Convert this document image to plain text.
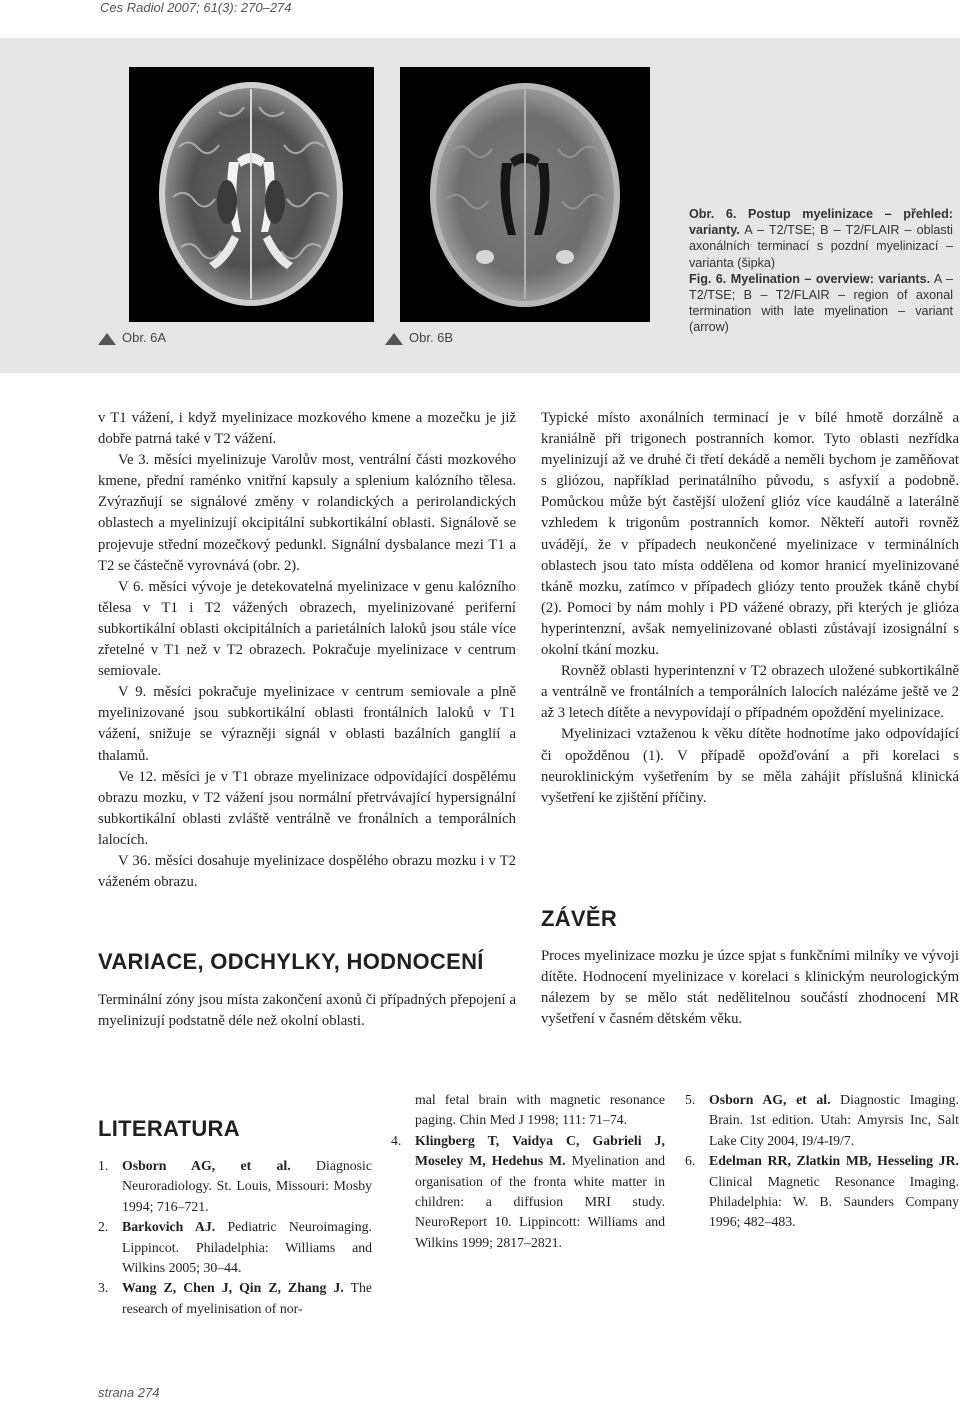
Ces Radiol 2007; 61(3): 270–274
Obr. 6A	Obr. 6B

Obr. 6. Postup myelinizace – přehled: varianty. A – T2/TSE; B – T2/FLAIR – oblasti axonálních terminací s pozdní myelinizací – varianta (šipka)

Fig. 6. Myelination – overview: variants. A – T2/TSE; B – T2/FLAIR – region of axonal termination with late myelination – variant (arrow)

v T1 vážení, i když myelinizace mozkového kmene a mozečku je již dobře patrná také v T2 vážení.

Ve 3. měsíci myelinizuje Varolův most, ventrální části mozkového kmene, přední raménko vnitřní kapsuly a splenium kalózního tělesa. Zvýrazňují se signálové změny v rolandických a perirolandických oblastech a myelinizují okcipitální subkortikální oblasti. Signálově se projevuje střední mozečkový pedunkl. Signální dysbalance mezi T1 a T2 se částečně vyrovnává (obr. 2).

V 6. měsíci vývoje je detekovatelná myelinizace v genu kalózního tělesa v T1 i T2 vážených obrazech, myelinizované periferní subkortikální oblasti okcipitálních a parietálních laloků jsou stále více zřetelné v T1 než v T2 obrazech. Pokračuje myelinizace v centrum semiovale.

V 9. měsíci pokračuje myelinizace v centrum semiovale a plně myelinizované jsou subkortikální oblasti frontálních laloků v T1 vážení, snižuje se výrazněji signál v oblasti bazálních ganglií a thalamů.

Ve 12. měsíci je v T1 obraze myelinizace odpovídající dospělému obrazu mozku, v T2 vážení jsou normální přetrvávající hypersignální subkortikální oblasti zvláště ventrálně ve fronálních a temporálních lalocích.

V 36. měsíci dosahuje myelinizace dospělého obrazu mozku i v T2 váženém obrazu.

VARIACE, ODCHYLKY, HODNOCENÍ

Terminální zóny jsou místa zakončení axonů či případných přepojení a myelinizují podstatně déle než okolní oblasti.

Typické místo axonálních terminací je v bílé hmotě dorzálně a kraniálně při trigonech postranních komor. Tyto oblasti nezřídka myelinizují až ve druhé či třetí dekádě a neměli bychom je zaměňovat s gliózou, například perinatálního původu, s asfyxií a podobně. Pomůckou může být častější uložení glióz více kaudálně a laterálně vzhledem k trigonům postranních komor. Někteří autoři rovněž uvádějí, že v případech neukončené myelinizace v terminálních oblastech jsou tato místa oddělena od komor hranicí myelinizované tkáně mozku, zatímco v případech gliózy tento proužek tkáně chybí (2). Pomoci by nám mohly i PD vážené obrazy, při kterých je glióza hyperintenzní, avšak nemyelinizované oblasti zůstávají izosignální s okolní tkání mozku.

Rovněž oblasti hyperintenzní v T2 obrazech uložené subkortikálně a ventrálně ve frontálních a temporálních lalocích nalézáme ještě ve 2 až 3 letech dítěte a nevypovídají o případném opoždění myelinizace.

Myelinizaci vztaženou k věku dítěte hodnotíme jako odpovídající či opožděnou (1). V případě opožďování a při korelaci s neuroklinickým vyšetřením by se měla zahájit příslušná klinická vyšetření ke zjištění příčiny.

ZÁVĚR

Proces myelinizace mozku je úzce spjat s funkčními milníky ve vývoji dítěte. Hodnocení myelinizace v korelaci s klinickým neurologickým nálezem by se mělo stát nedělitelnou součástí zhodnocení MR vyšetření v časném dětském věku.

LITERATURA
1. Osborn AG, et al. Diagnosic Neuroradiology. St. Louis, Missouri: Mosby 1994; 716–721.
2. Barkovich AJ. Pediatric Neuroimaging. Lippincot. Philadelphia: Williams and Wilkins 2005; 30–44.
3. Wang Z, Chen J, Qin Z, Zhang J. The research of myelinisation of nor-

mal fetal brain with magnetic resonance paging. Chin Med J 1998; 111: 71–74.

4. Klingberg T, Vaidya C, Gabrieli J, Moseley M, Hedehus M. Myelination and organisation of the fronta white matter in children: a diffusion MRI study. NeuroReport 10. Lippincott: Williams and Wilkins 1999; 2817–2821.
5. Osborn AG, et al. Diagnostic Imaging. Brain. 1st edition. Utah: Amyrsis Inc, Salt Lake City 2004, I9/4-I9/7.
6. Edelman RR, Zlatkin MB, Hesseling JR. Clinical Magnetic Resonance Imaging. Philadelphia: W. B. Saunders Company 1996; 482–483.
strana 274
